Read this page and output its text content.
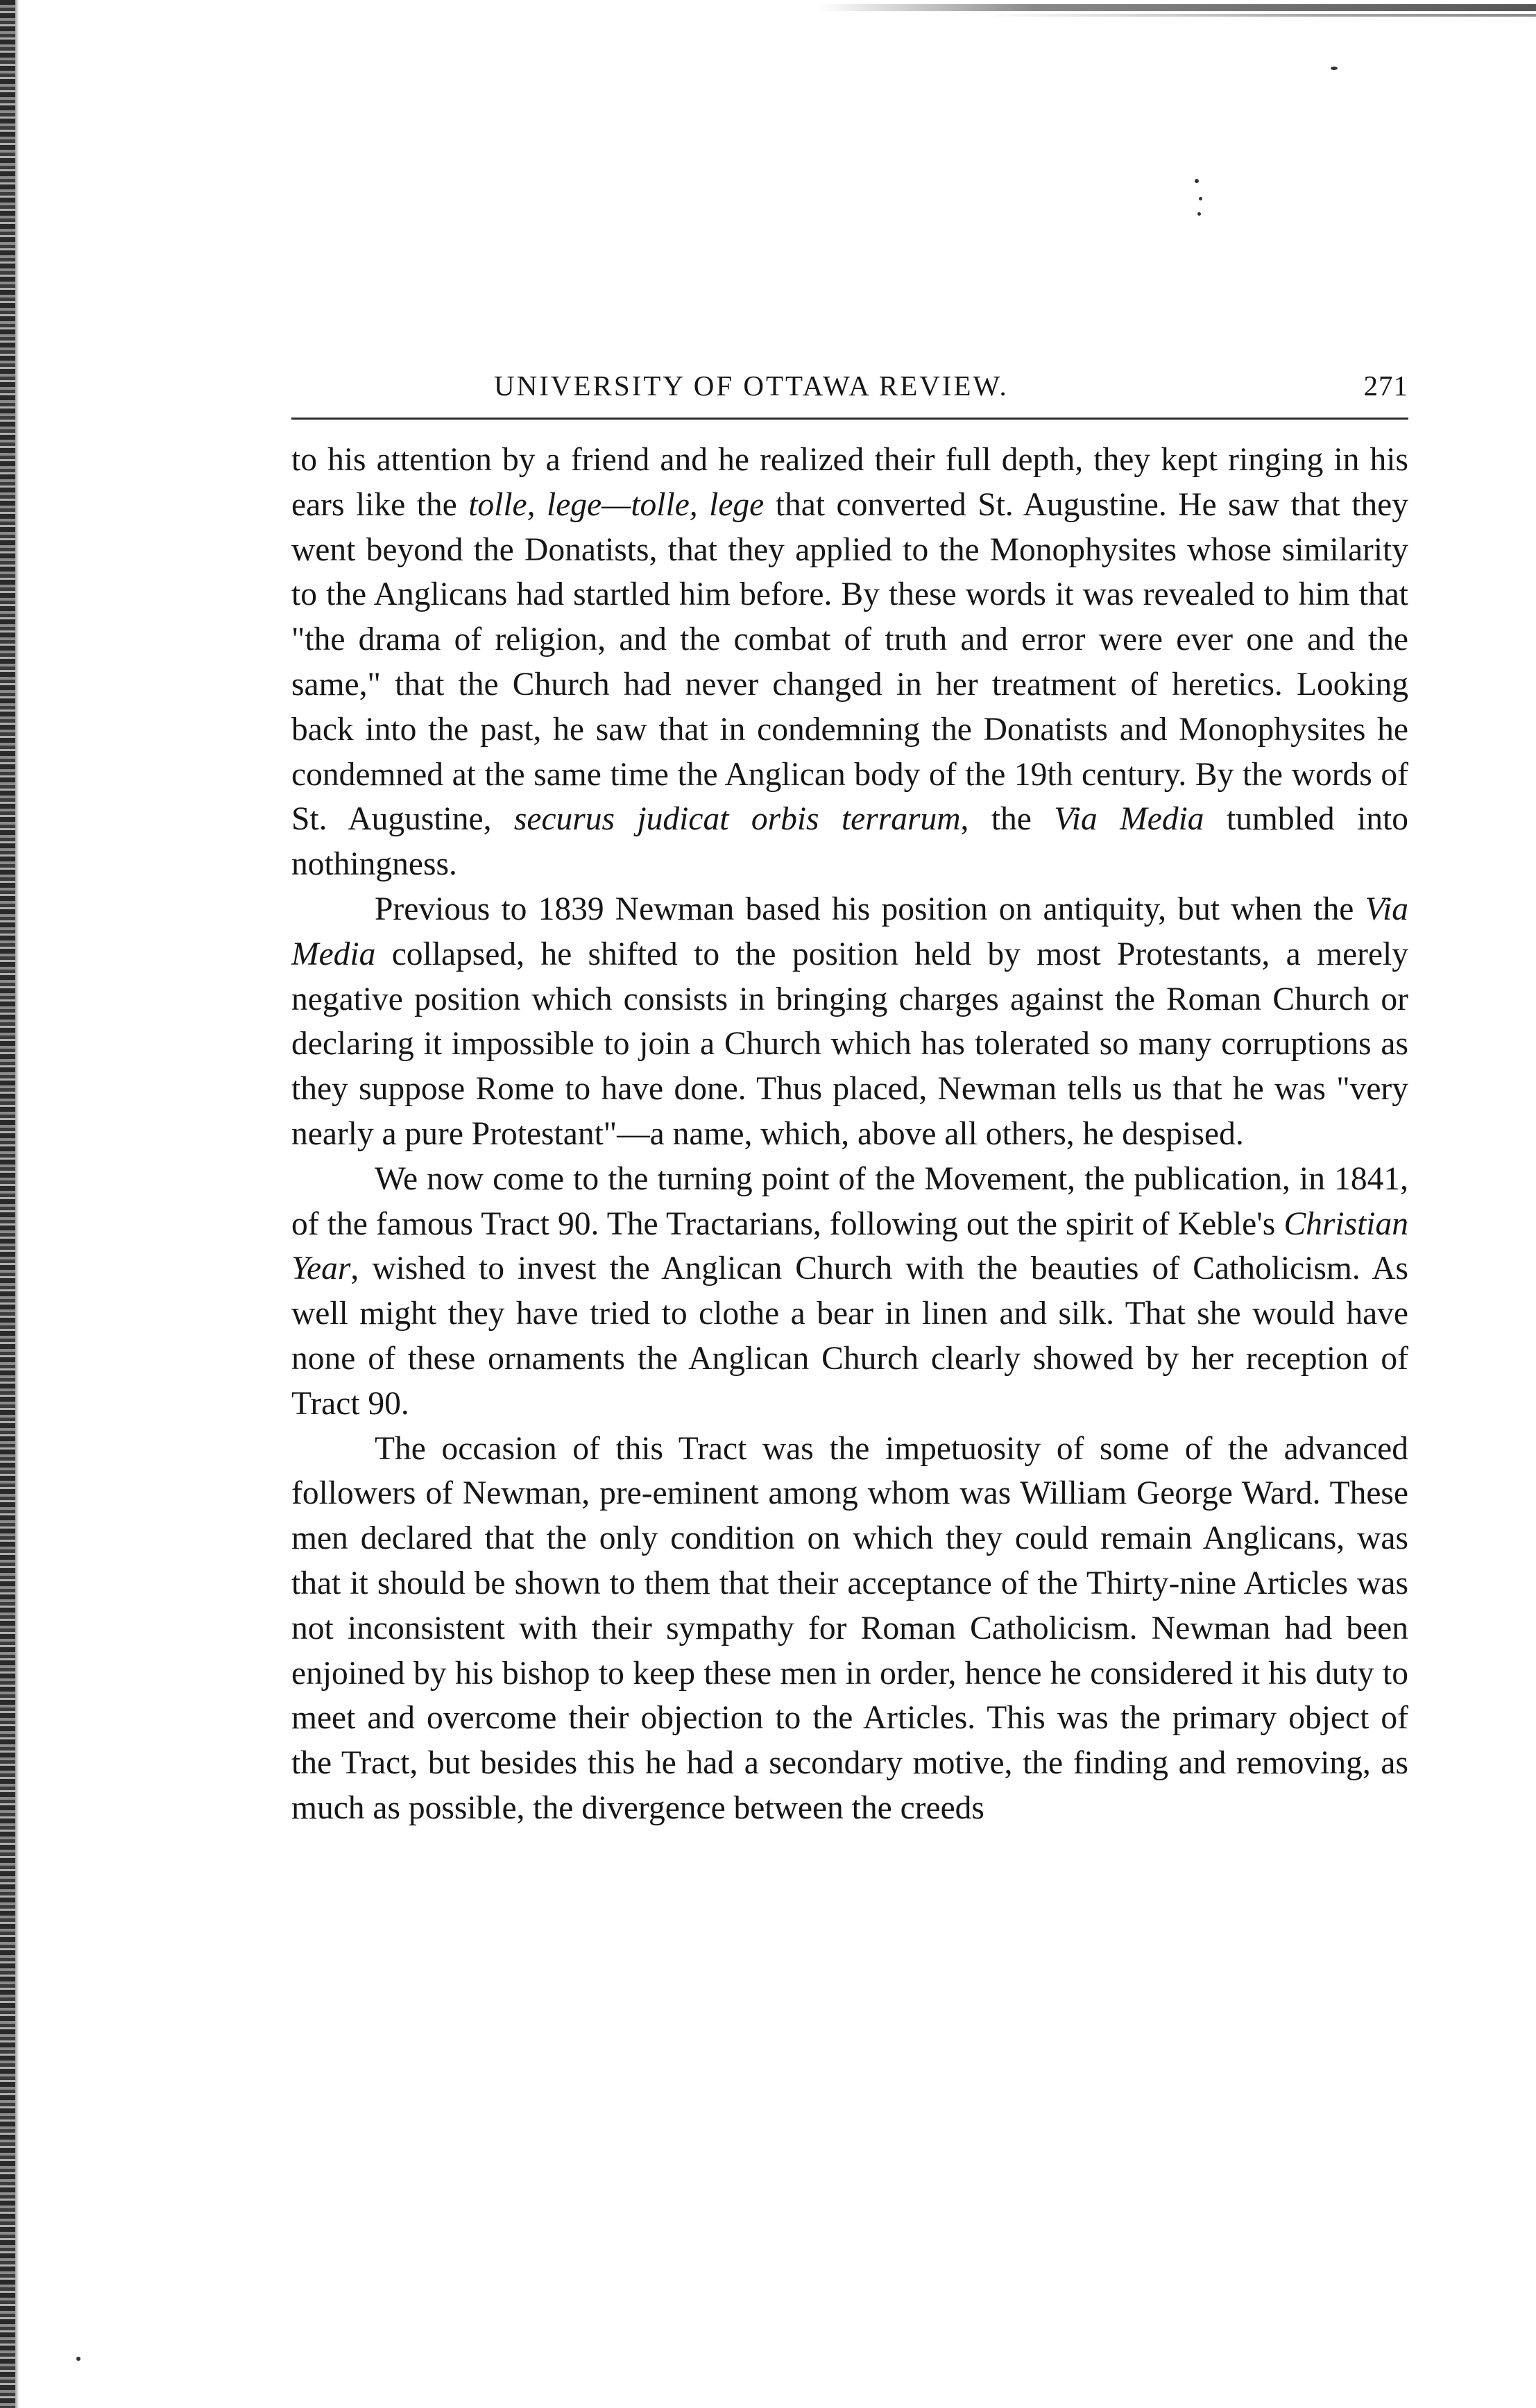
UNIVERSITY OF OTTAWA REVIEW.	271

to his attention by a friend and he realized their full depth, they kept ringing in his ears like the tolle, lege—tolle, lege that converted St. Augustine. He saw that they went beyond the Donatists, that they applied to the Monophysites whose similarity to the Anglicans had startled him before. By these words it was revealed to him that "the drama of religion, and the combat of truth and error were ever one and the same," that the Church had never changed in her treatment of heretics. Looking back into the past, he saw that in condemning the Donatists and Monophysites he condemned at the same time the Anglican body of the 19th century. By the words of St. Augustine, securus judicat orbis terrarum, the Via Media tumbled into nothingness.

Previous to 1839 Newman based his position on antiquity, but when the Via Media collapsed, he shifted to the position held by most Protestants, a merely negative position which consists in bringing charges against the Roman Church or declaring it impossible to join a Church which has tolerated so many corruptions as they suppose Rome to have done. Thus placed, Newman tells us that he was "very nearly a pure Protestant"—a name, which, above all others, he despised.

We now come to the turning point of the Movement, the publication, in 1841, of the famous Tract 90. The Tractarians, following out the spirit of Keble's Christian Year, wished to invest the Anglican Church with the beauties of Catholicism. As well might they have tried to clothe a bear in linen and silk. That she would have none of these ornaments the Anglican Church clearly showed by her reception of Tract 90.

The occasion of this Tract was the impetuosity of some of the advanced followers of Newman, pre-eminent among whom was William George Ward. These men declared that the only condition on which they could remain Anglicans, was that it should be shown to them that their acceptance of the Thirty-nine Articles was not inconsistent with their sympathy for Roman Catholicism. Newman had been enjoined by his bishop to keep these men in order, hence he considered it his duty to meet and overcome their objection to the Articles. This was the primary object of the Tract, but besides this he had a secondary motive, the finding and removing, as much as possible, the divergence between the creeds
